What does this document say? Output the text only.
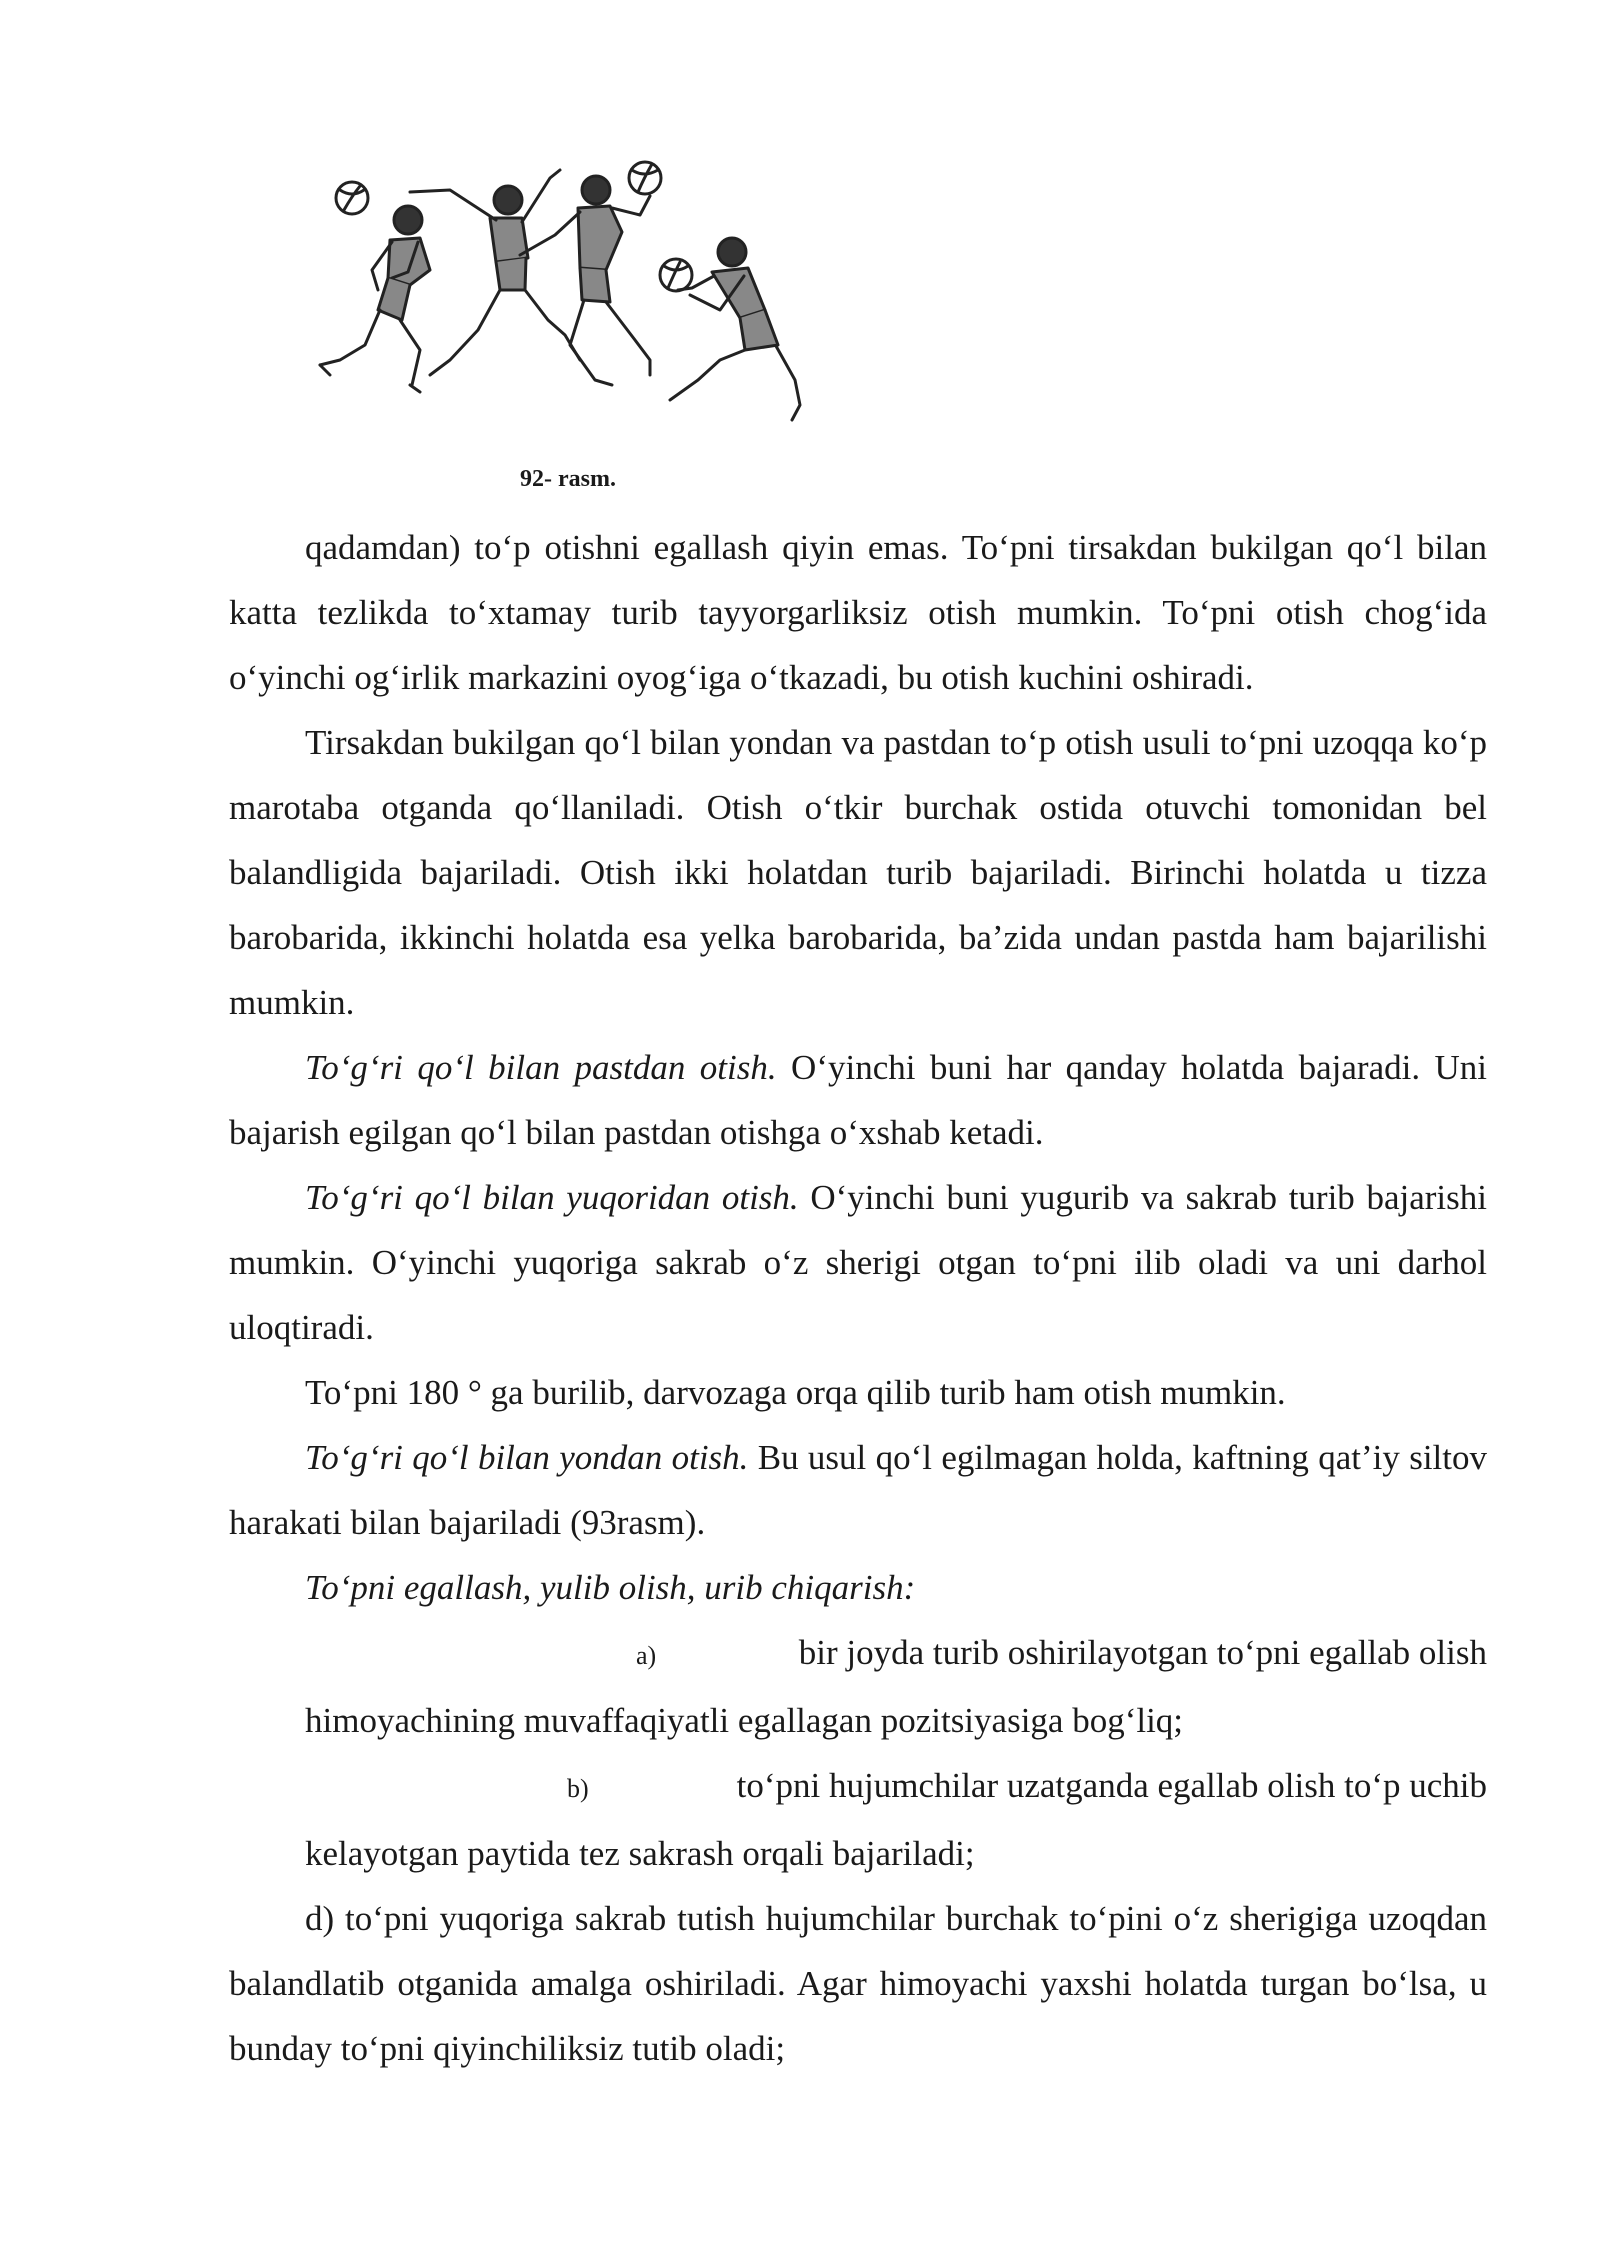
92- rasm.

qadamdan) to‘p otishni egallash qiyin emas. To‘pni tirsakdan bukilgan qo‘l bilan katta tezlikda to‘xtamay turib tayyorgarliksiz otish mumkin. To‘pni otish chog‘ida o‘yinchi og‘irlik markazini oyog‘iga o‘tkazadi, bu otish kuchini oshiradi.

Tirsakdan bukilgan qo‘l bilan yondan va pastdan to‘p otish usuli to‘pni uzoqqa ko‘p marotaba otganda qo‘llaniladi. Otish o‘tkir burchak ostida otuvchi tomonidan bel balandligida bajariladi. Otish ikki holatdan turib bajariladi. Birinchi holatda u tizza barobarida, ikkinchi holatda esa yelka barobarida, ba’zida undan pastda ham bajarilishi mumkin.

To‘g‘ri qo‘l bilan pastdan otish. O‘yinchi buni har qanday holatda bajaradi. Uni bajarish egilgan qo‘l bilan pastdan otishga o‘xshab ketadi.

To‘g‘ri qo‘l bilan yuqoridan otish. O‘yinchi buni yugurib va sakrab turib bajarishi mumkin. O‘yinchi yuqoriga sakrab o‘z sherigi otgan to‘pni ilib oladi va uni darhol uloqtiradi.

To‘pni 180 ° ga burilib, darvozaga orqa qilib turib ham otish mumkin.

To‘g‘ri qo‘l bilan yondan otish. Bu usul qo‘l egilmagan holda, kaftning qat’iy siltov harakati bilan bajariladi (93rasm).

To‘pni egallash, yulib olish, urib chiqarish:

a)	bir joyda turib oshirilayotgan to‘pni egallab olish
himoyachining muvaffaqiyatli egallagan pozitsiyasiga bog‘liq;
b)	to‘pni hujumchilar uzatganda egallab olish to‘p uchib
kelayotgan paytida tez sakrash orqali bajariladi;

d) to‘pni yuqoriga sakrab tutish hujumchilar burchak to‘pini o‘z sherigiga uzoqdan balandlatib otganida amalga oshiriladi. Agar himoyachi yaxshi holatda turgan bo‘lsa, u bunday to‘pni qiyinchiliksiz tutib oladi;
